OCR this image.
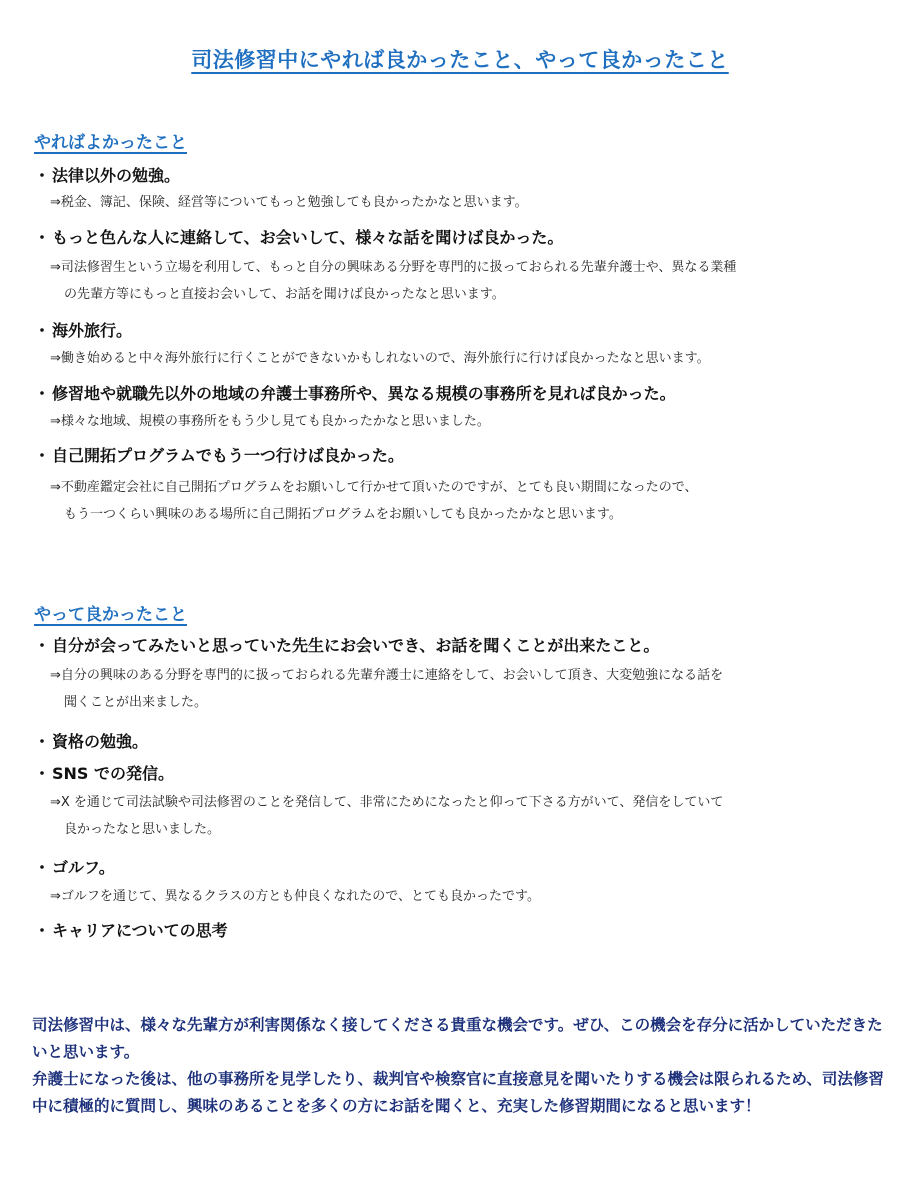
司法修習中にやれば良かったこと、やって良かったこと
やればよかったこと
・ 法律以外の勉強。
⇒税金、簿記、保険、経営等についてもっと勉強しても良かったかなと思います。
・ もっと色んな人に連絡して、お会いして、様々な話を聞けば良かった。
⇒司法修習生という立場を利用して、もっと自分の興味ある分野を専門的に扱っておられる先輩弁護士や、異なる業種
の先輩方等にもっと直接お会いして、お話を聞けば良かったなと思います。
・ 海外旅行。
⇒働き始めると中々海外旅行に行くことができないかもしれないので、海外旅行に行けば良かったなと思います。
・ 修習地や就職先以外の地域の弁護士事務所や、異なる規模の事務所を見れば良かった。
⇒様々な地域、規模の事務所をもう少し見ても良かったかなと思いました。
・ 自己開拓プログラムでもう一つ行けば良かった。
⇒不動産鑑定会社に自己開拓プログラムをお願いして行かせて頂いたのですが、とても良い期間になったので、
もう一つくらい興味のある場所に自己開拓プログラムをお願いしても良かったかなと思います。
やって良かったこと
・ 自分が会ってみたいと思っていた先生にお会いでき、お話を聞くことが出来たこと。
⇒自分の興味のある分野を専門的に扱っておられる先輩弁護士に連絡をして、お会いして頂き、大変勉強になる話を
聞くことが出来ました。
・ 資格の勉強。
・ SNS での発信。
⇒X を通じて司法試験や司法修習のことを発信して、非常にためになったと仰って下さる方がいて、発信をしていて
良かったなと思いました。
・ ゴルフ。
⇒ゴルフを通じて、異なるクラスの方とも仲良くなれたので、とても良かったです。
・ キャリアについての思考

司法修習中は、様々な先輩方が利害関係なく接してくださる貴重な機会です。ぜひ、この機会を存分に活かしていただきたいと思います。

弁護士になった後は、他の事務所を見学したり、裁判官や検察官に直接意見を聞いたりする機会は限られるため、司法修習中に積極的に質問し、興味のあることを多くの方にお話を聞くと、充実した修習期間になると思います！
